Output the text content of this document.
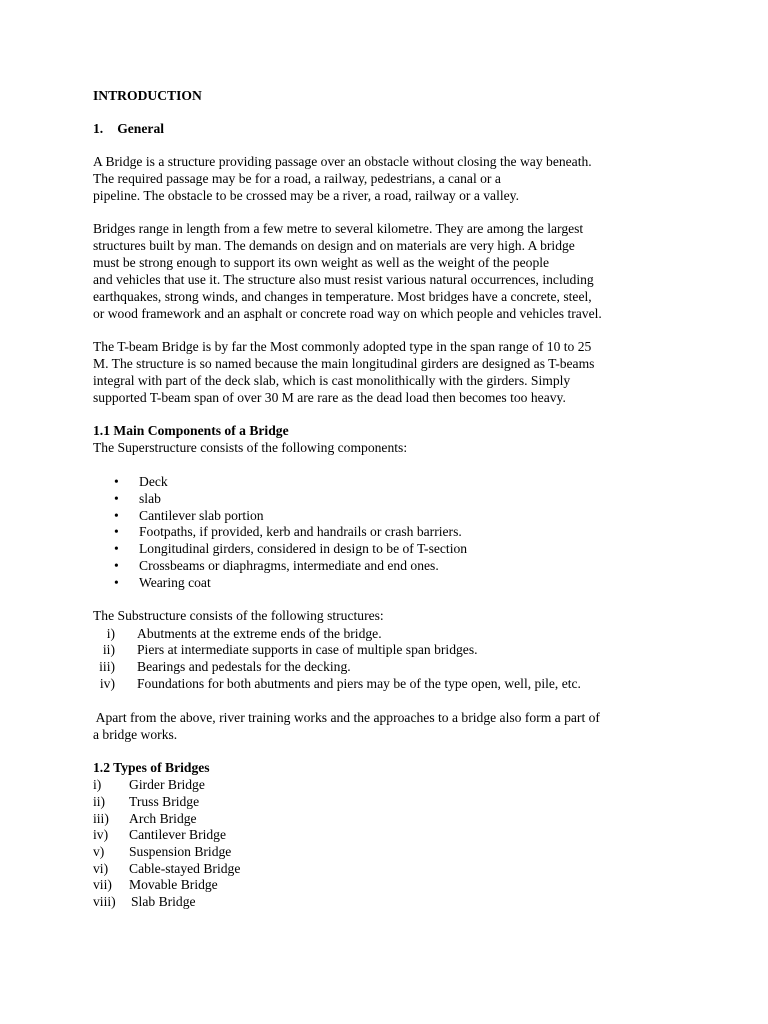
INTRODUCTION
1. General
A Bridge is a structure providing passage over an obstacle without closing the way beneath.
The required passage may be for a road, a railway, pedestrians, a canal or a
pipeline. The obstacle to be crossed may be a river, a road, railway or a valley.
Bridges range in length from a few metre to several kilometre. They are among the largest
structures built by man. The demands on design and on materials are very high. A bridge
must be strong enough to support its own weight as well as the weight of the people
and vehicles that use it. The structure also must resist various natural occurrences, including
earthquakes, strong winds, and changes in temperature. Most bridges have a concrete, steel,
or wood framework and an asphalt or concrete road way on which people and vehicles travel.
The T-beam Bridge is by far the Most commonly adopted type in the span range of 10 to 25
M. The structure is so named because the main longitudinal girders are designed as T-beams
integral with part of the deck slab, which is cast monolithically with the girders. Simply
supported T-beam span of over 30 M are rare as the dead load then becomes too heavy.
1.1 Main Components of a Bridge
The Superstructure consists of the following components:
• Deck
• slab
• Cantilever slab portion
• Footpaths, if provided, kerb and handrails or crash barriers.
• Longitudinal girders, considered in design to be of T-section
• Crossbeams or diaphragms, intermediate and end ones.
• Wearing coat
The Substructure consists of the following structures:
i) Abutments at the extreme ends of the bridge.
ii) Piers at intermediate supports in case of multiple span bridges.
iii) Bearings and pedestals for the decking.
iv) Foundations for both abutments and piers may be of the type open, well, pile, etc.
Apart from the above, river training works and the approaches to a bridge also form a part of
a bridge works.
1.2 Types of Bridges
i) Girder Bridge
ii) Truss Bridge
iii) Arch Bridge
iv) Cantilever Bridge
v) Suspension Bridge
vi) Cable-stayed Bridge
vii) Movable Bridge
viii) Slab Bridge
